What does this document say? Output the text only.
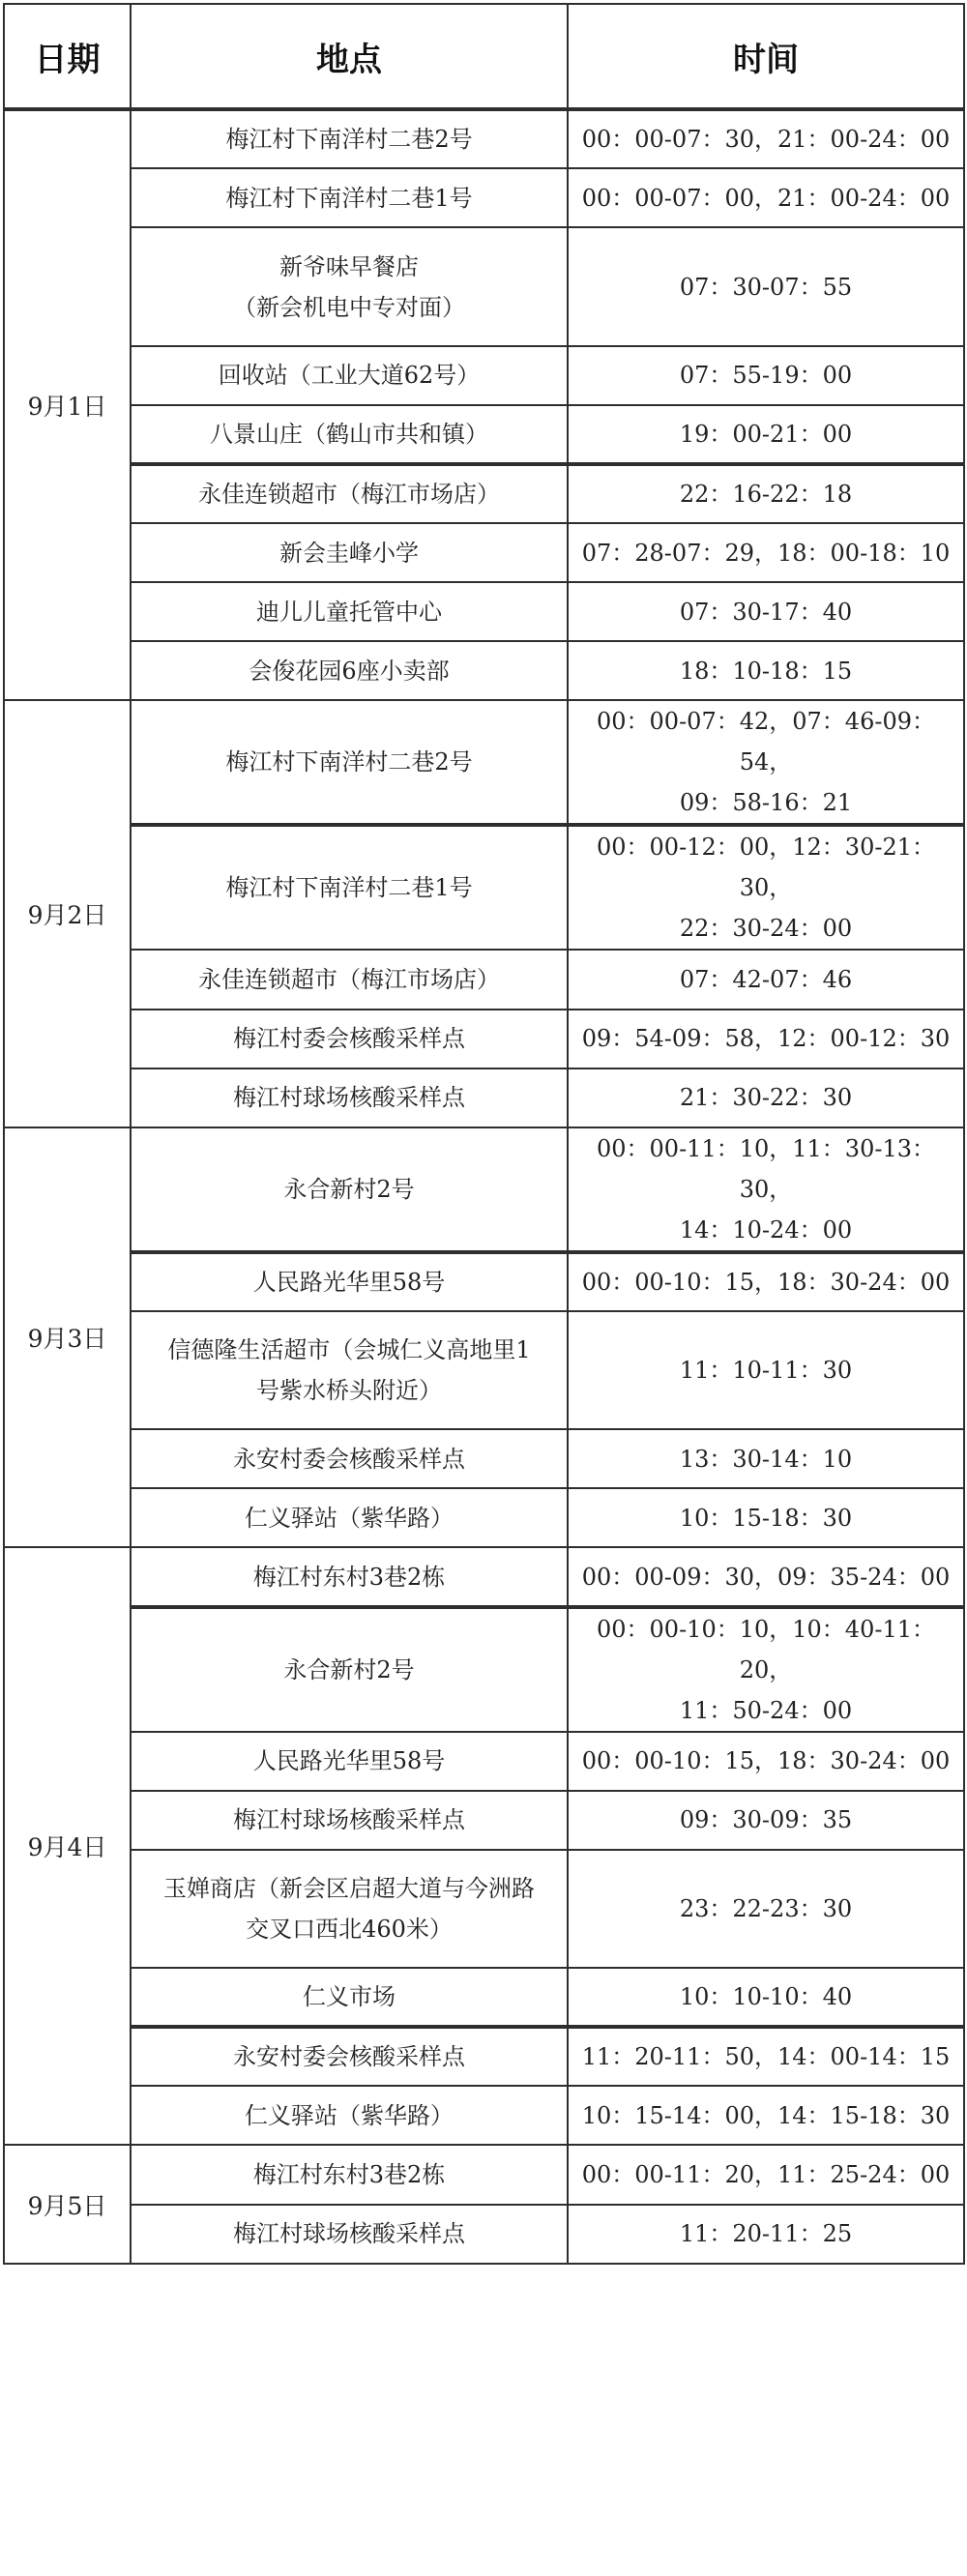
日期	地点	时间
9月1日	梅江村下南洋村二巷2号	00：00-07：30，21：00-24：00

	梅江村下南洋村二巷1号	00：00-07：00，21：00-24：00

	新爷味早餐店
（新会机电中专对面）	07：30-07：55

	回收站（工业大道62号）	07：55-19：00

	八景山庄（鹤山市共和镇）	19：00-21：00

	永佳连锁超市（梅江市场店）	22：16-22：18

	新会圭峰小学	07：28-07：29，18：00-18：10

	迪儿儿童托管中心	07：30-17：40

	会俊花园6座小卖部	18：10-18：15

9月2日	梅江村下南洋村二巷2号	00：00-07：42，07：46-09：54，
09：58-16：21

	梅江村下南洋村二巷1号	00：00-12：00，12：30-21：30，
22：30-24：00

	永佳连锁超市（梅江市场店）	07：42-07：46

	梅江村委会核酸采样点	09：54-09：58，12：00-12：30

	梅江村球场核酸采样点	21：30-22：30

9月3日	永合新村2号	00：00-11：10，11：30-13：30，
14：10-24：00

	人民路光华里58号	00：00-10：15，18：30-24：00

	信德隆生活超市（会城仁义高地里1
号紫水桥头附近）	11：10-11：30

	永安村委会核酸采样点	13：30-14：10

	仁义驿站（紫华路）	10：15-18：30

9月4日	梅江村东村3巷2栋	00：00-09：30，09：35-24：00

	永合新村2号	00：00-10：10，10：40-11：20，
11：50-24：00

	人民路光华里58号	00：00-10：15，18：30-24：00

	梅江村球场核酸采样点	09：30-09：35

	玉婵商店（新会区启超大道与今洲路
交叉口西北460米）	23：22-23：30

	仁义市场	10：10-10：40

	永安村委会核酸采样点	11：20-11：50，14：00-14：15

	仁义驿站（紫华路）	10：15-14：00，14：15-18：30

9月5日	梅江村东村3巷2栋	00：00-11：20，11：25-24：00

	梅江村球场核酸采样点	11：20-11：25
